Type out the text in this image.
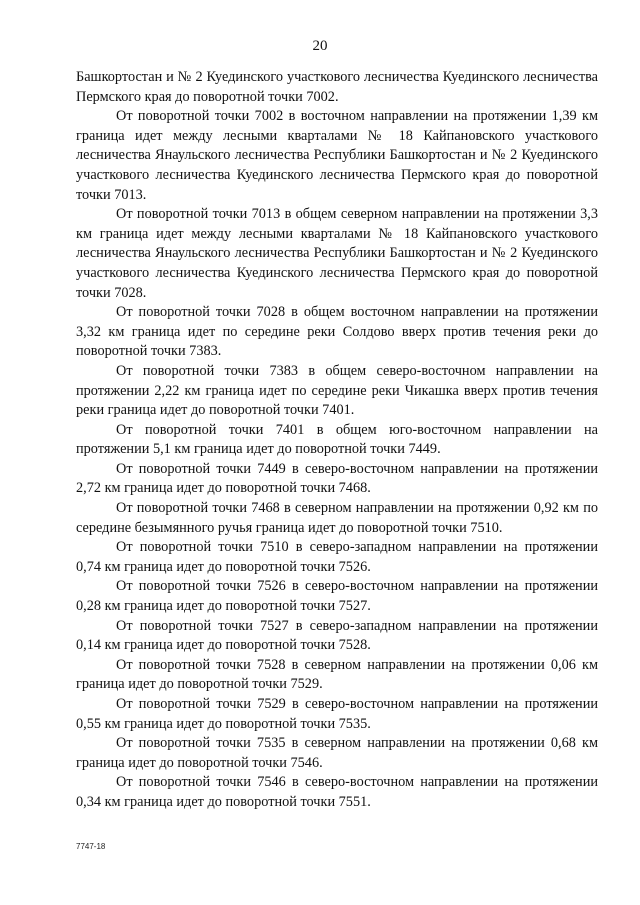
20

Башкортостан и № 2 Куединского участкового лесничества Куединского лесничества Пермского края до поворотной точки 7002.

От поворотной точки 7002 в восточном направлении на протяжении 1,39 км граница идет между лесными кварталами № 18 Кайпановского участкового лесничества Янаульского лесничества Республики Башкортостан и № 2 Куединского участкового лесничества Куединского лесничества Пермского края до поворотной точки 7013.

От поворотной точки 7013 в общем северном направлении на протяжении 3,3 км граница идет между лесными кварталами № 18 Кайпановского участкового лесничества Янаульского лесничества Республики Башкортостан и № 2 Куединского участкового лесничества Куединского лесничества Пермского края до поворотной точки 7028.

От поворотной точки 7028 в общем восточном направлении на протяжении 3,32 км граница идет по середине реки Солдово вверх против течения реки до поворотной точки 7383.

От поворотной точки 7383 в общем северо-восточном направлении на протяжении 2,22 км граница идет по середине реки Чикашка вверх против течения реки граница идет до поворотной точки 7401.

От поворотной точки 7401 в общем юго-восточном направлении на протяжении 5,1 км граница идет до поворотной точки 7449.

От поворотной точки 7449 в северо-восточном направлении на протяжении 2,72 км граница идет до поворотной точки 7468.

От поворотной точки 7468 в северном направлении на протяжении 0,92 км по середине безымянного ручья граница идет до поворотной точки 7510.

От поворотной точки 7510 в северо-западном направлении на протяжении 0,74 км граница идет до поворотной точки 7526.

От поворотной точки 7526 в северо-восточном направлении на протяжении 0,28 км граница идет до поворотной точки 7527.

От поворотной точки 7527 в северо-западном направлении на протяжении 0,14 км граница идет до поворотной точки 7528.

От поворотной точки 7528 в северном направлении на протяжении 0,06 км граница идет до поворотной точки 7529.

От поворотной точки 7529 в северо-восточном направлении на протяжении 0,55 км граница идет до поворотной точки 7535.

От поворотной точки 7535 в северном направлении на протяжении 0,68 км граница идет до поворотной точки 7546.

От поворотной точки 7546 в северо-восточном направлении на протяжении 0,34 км граница идет до поворотной точки 7551.

7747-18
